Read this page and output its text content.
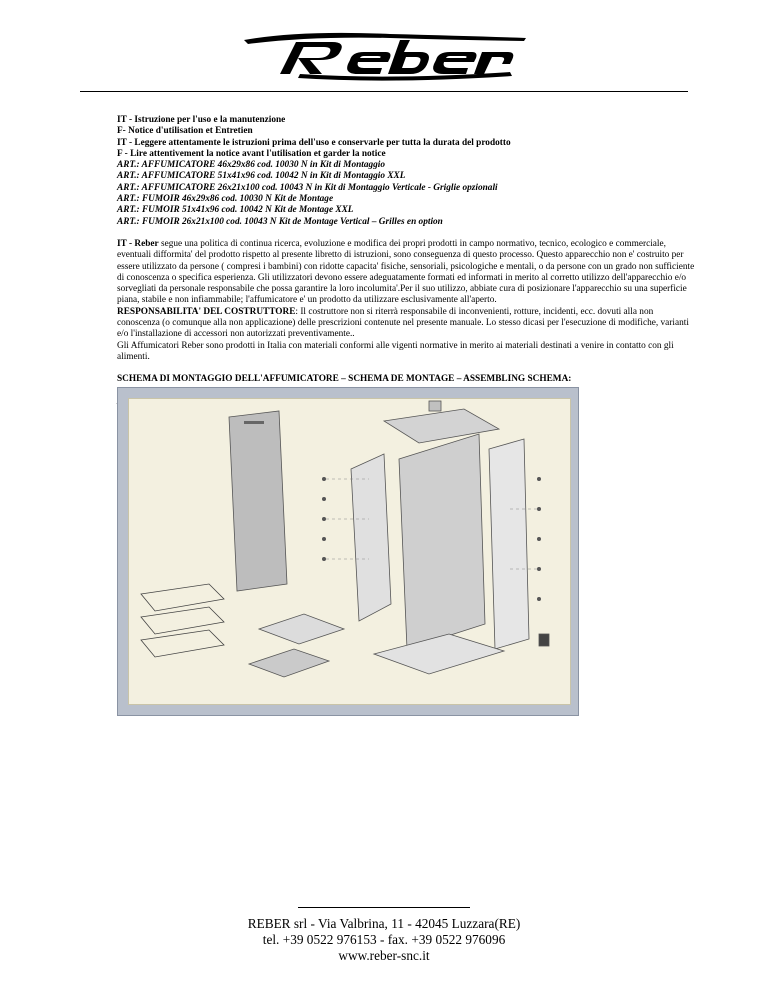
IT - Istruzione per l'uso e la manutenzione

F- Notice d'utilisation et Entretien

IT - Leggere attentamente le istruzioni prima dell'uso e conservarle per tutta la durata del prodotto

F - Lire attentivement la notice avant l'utilisation et garder la notice

ART.: AFFUMICATORE 46x29x86 cod. 10030 N in Kit di Montaggio

ART.: AFFUMICATORE 51x41x96 cod. 10042 N in Kit di Montaggio XXL

ART.: AFFUMICATORE 26x21x100 cod. 10043 N in Kit di Montaggio Verticale - Griglie opzionali

ART.: FUMOIR 46x29x86 cod. 10030 N Kit de Montage

ART.: FUMOIR 51x41x96 cod. 10042 N Kit de Montage XXL

ART.: FUMOIR 26x21x100 cod. 10043 N Kit de Montage Vertical – Grilles en option

IT - Reber segue una politica di continua ricerca, evoluzione e modifica dei propri prodotti in campo normativo, tecnico, ecologico e commerciale, eventuali difformita' del prodotto rispetto al presente libretto di istruzioni, sono conseguenza di questo processo. Questo apparecchio non e' costruito per essere utilizzato da persone ( compresi i bambini) con ridotte capacita' fisiche, sensoriali, psicologiche e mentali, o da persone con un grado non sufficiente di conoscenza o specifica esperienza. Gli utilizzatori devono essere adeguatamente formati ed informati in merito al corretto utilizzo dell'apparecchio e/o sorvegliati da personale responsabile che possa garantire la loro incolumita'.Per il suo utilizzo, abbiate cura di posizionare l'apparecchio su una superficie piana, stabile e non infiammabile; l'affumicatore e' un prodotto da utilizzare esclusivamente all'aperto.

RESPONSABILITA' DEL COSTRUTTORE: Il costruttore non si riterrà responsabile di inconvenienti, rotture, incidenti, ecc. dovuti alla non conoscenza (o comunque alla non applicazione) delle prescrizioni contenute nel presente manuale. Lo stesso dicasi per l'esecuzione di modifiche, varianti e/o l'installazione di accessori non autorizzati preventivamente..

Gli Affumicatori Reber sono prodotti in Italia con materiali conformi alle vigenti normative in merito ai materiali destinati a venire in contatto con gli alimenti.

SCHEMA DI MONTAGGIO DELL'AFFUMICATORE – SCHEMA DE MONTAGE – ASSEMBLING SCHEMA:

REBER srl - Via Valbrina, 11 - 42045 Luzzara(RE)

tel. +39 0522 976153 - fax. +39 0522 976096

www.reber-snc.it
